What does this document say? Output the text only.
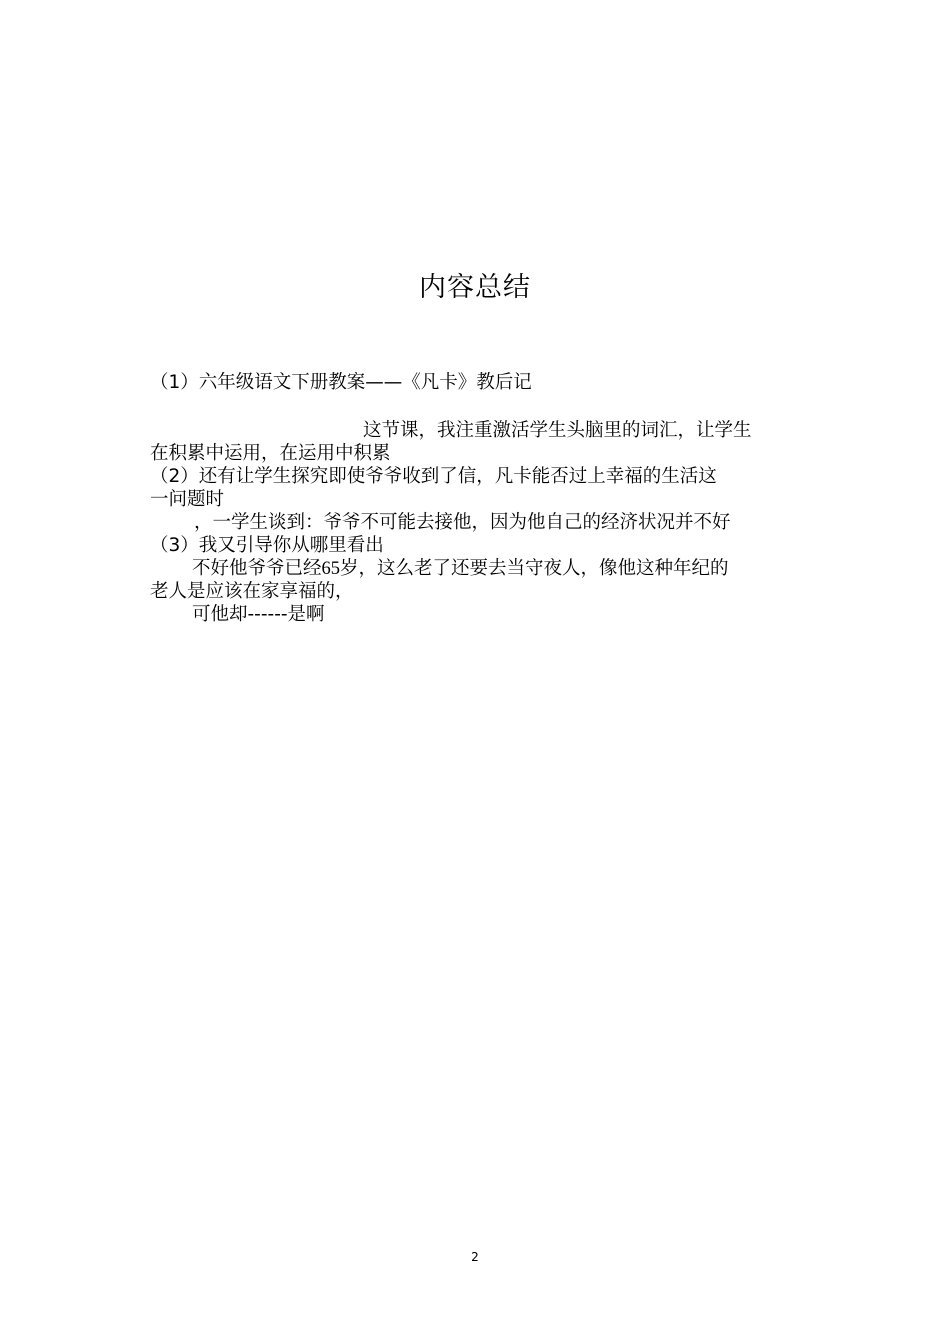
内容总结
（1）六年级语文下册教案——《凡卡》教后记
这节课，我注重激活学生头脑里的词汇，让学生
在积累中运用，在运用中积累
（2）还有让学生探究即使爷爷收到了信，凡卡能否过上幸福的生活这
一问题时
，一学生谈到：爷爷不可能去接他，因为他自己的经济状况并不好
（3）我又引导你从哪里看出
不好他爷爷已经65岁，这么老了还要去当守夜人，像他这种年纪的
老人是应该在家享福的，
可他却------是啊
2
